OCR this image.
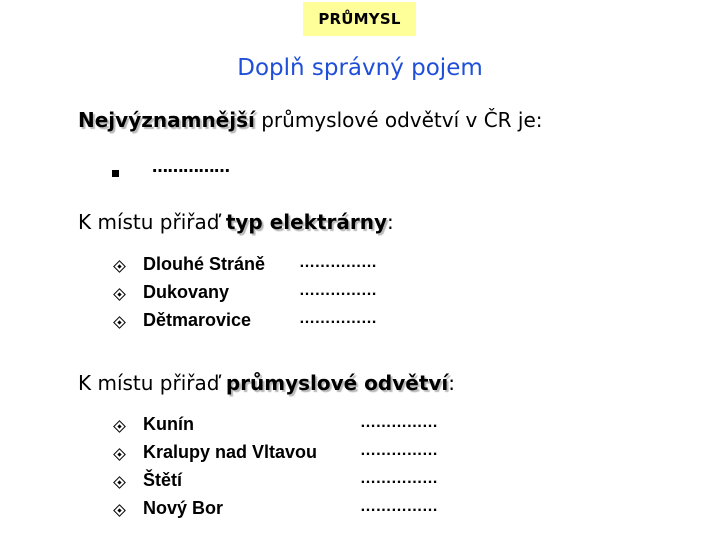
PRŮMYSL
Doplň správný pojem
Nejvýznamnější průmyslové odvětví v ČR je:
……………
K místu přiřaď typ elektrárny:
Dlouhé Stráně ……………
Dukovany	……………
Dětmarovice	……………
K místu přiřaď průmyslové odvětví:
Kunín	……………
Kralupy nad Vltavou	……………
Štětí	……………
Nový Bor	……………
